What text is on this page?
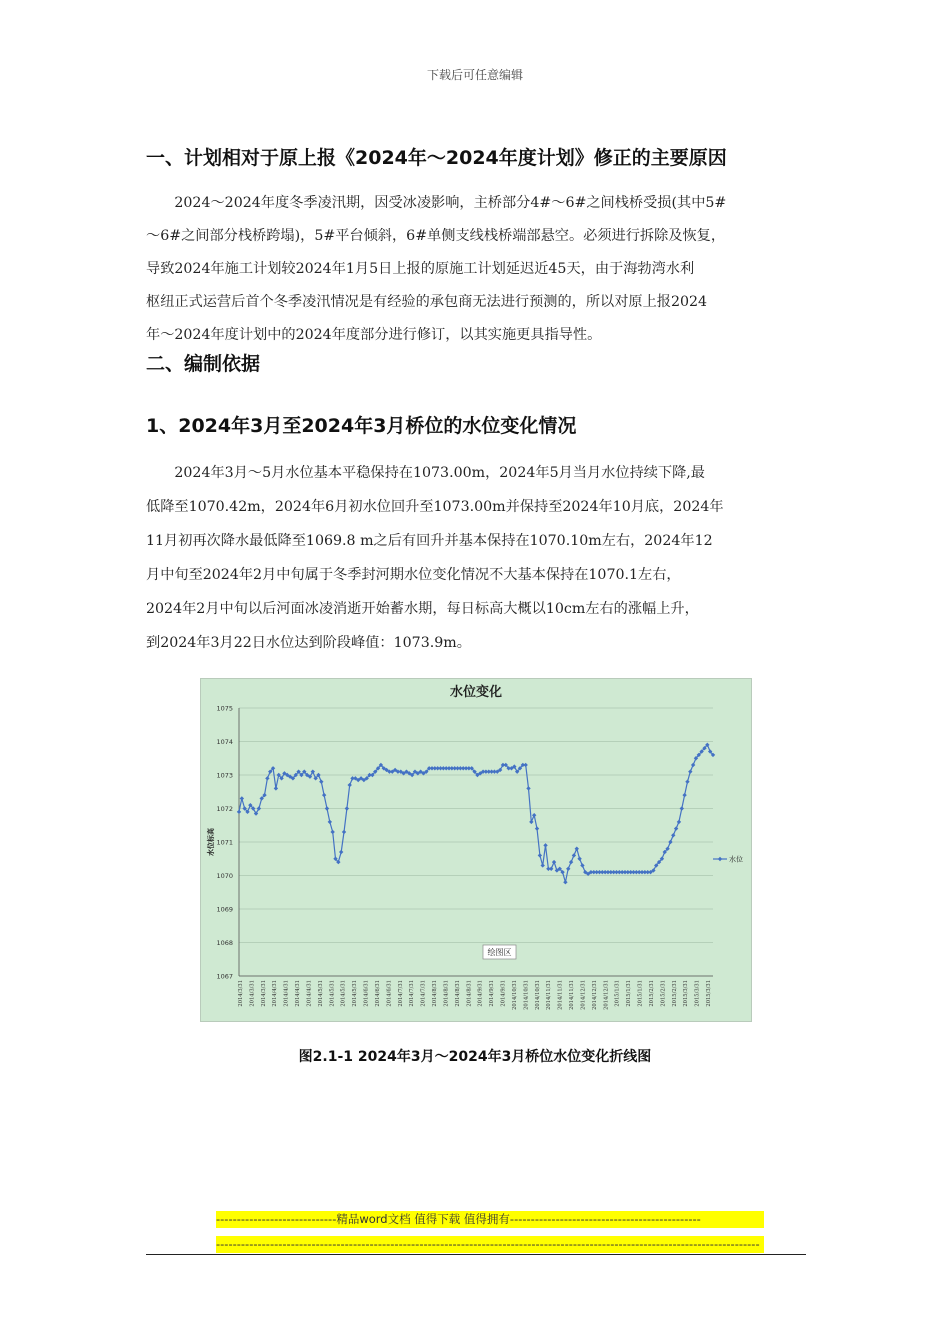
下载后可任意编辑
一、计划相对于原上报《2024年～2024年度计划》修正的主要原因
　　2024～2024年度冬季凌汛期，因受冰凌影响，主桥部分4#～6#之间栈桥受损(其中5#
～6#之间部分栈桥跨塌)，5#平台倾斜，6#单侧支线栈桥端部悬空。必须进行拆除及恢复，
导致2024年施工计划较2024年1月5日上报的原施工计划延迟近45天，由于海勃湾水利
枢纽正式运营后首个冬季凌汛情况是有经验的承包商无法进行预测的，所以对原上报2024
年～2024年度计划中的2024年度部分进行修订，以其实施更具指导性。
二、编制依据
1、2024年3月至2024年3月桥位的水位变化情况
　　2024年3月～5月水位基本平稳保持在1073.00m，2024年5月当月水位持续下降,最
低降至1070.42m，2024年6月初水位回升至1073.00m并保持至2024年10月底，2024年
11月初再次降水最低降至1069.8 m之后有回升并基本保持在1070.10m左右，2024年12
月中旬至2024年2月中旬属于冬季封河期水位变化情况不大基本保持在1070.1左右，
2024年2月中旬以后河面冰凌消逝开始蓄水期，每日标高大概以10cm左右的涨幅上升，
到2024年3月22日水位达到阶段峰值：1073.9m。
水位变化
1067
1068
1069
1070
1071
1072
1073
1074
1075
水位标高
2014/3/31 2014/3/31 2014/3/31 2014/4/31 2014/4/31 2014/4/31 2014/4/31 2014/5/31 2014/5/31 2014/5/31 2014/5/31 2014/6/31 2014/6/31 2014/6/31 2014/7/31 2014/7/31 2014/7/31 2014/8/31 2014/8/31 2014/8/31 2014/8/31 2014/9/31 2014/9/31 2014/9/31 2014/10/31 2014/10/31 2014/10/31 2014/11/31 2014/11/31 2014/11/31 2014/12/31 2014/12/31 2014/12/31 2015/1/31 2015/1/31 2015/1/31 2015/2/31 2015/2/31 2015/2/31 2015/3/31 2015/3/31 2015/3/31
水位
绘图区
图2.1-1 2024年3月～2024年3月桥位水位变化折线图
-----------------------------精品word文档 值得下载 值得拥有----------------------------------------------
-----------------------------------------------------------------------------------------------------------------------------------
